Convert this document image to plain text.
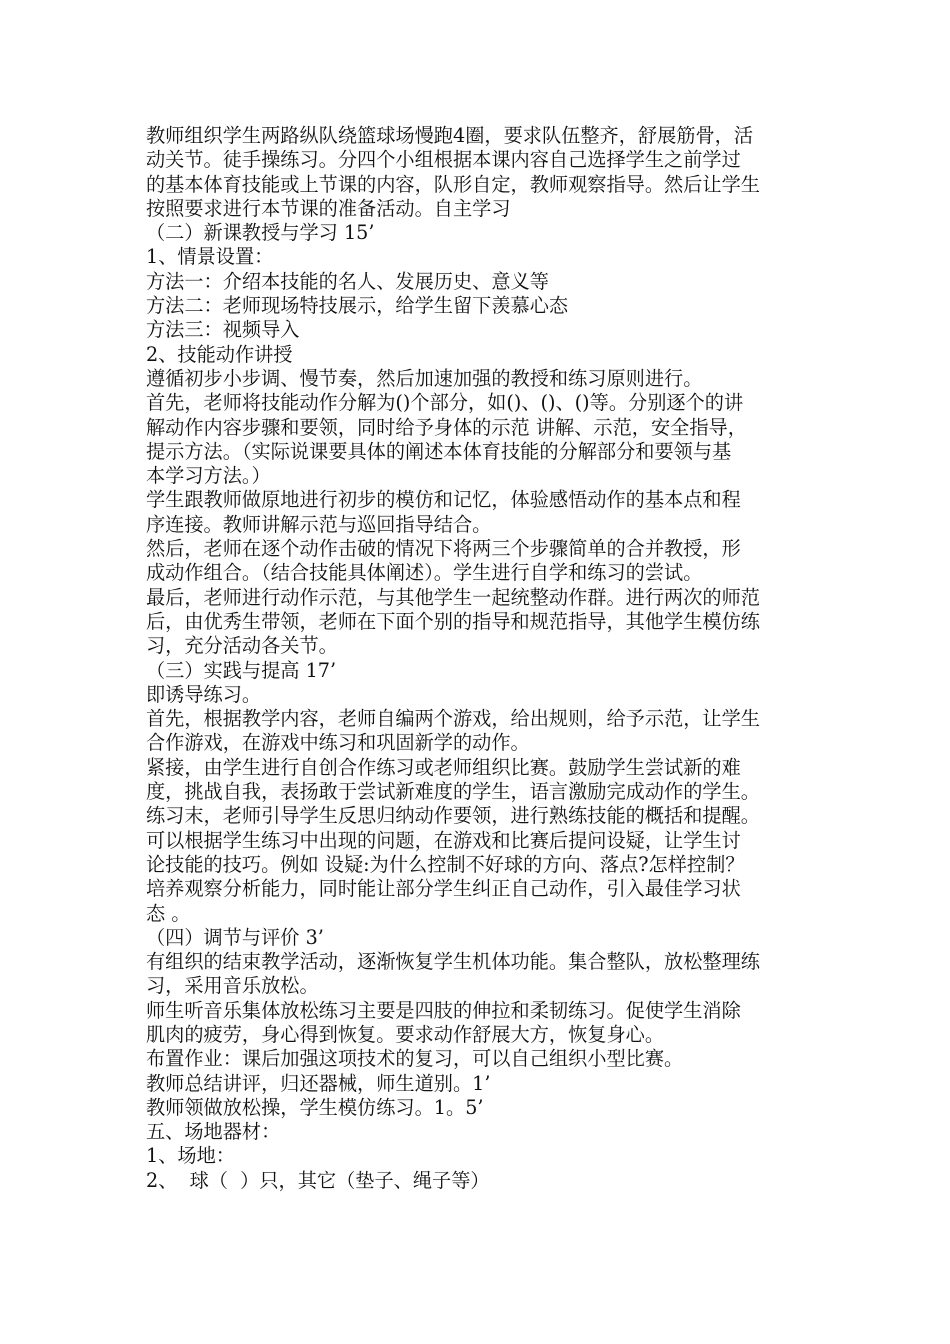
教师组织学生两路纵队绕篮球场慢跑4圈，要求队伍整齐，舒展筋骨，活
动关节。徒手操练习。分四个小组根据本课内容自己选择学生之前学过
的基本体育技能或上节课的内容，队形自定，教师观察指导。然后让学生
按照要求进行本节课的准备活动。自主学习
（二）新课教授与学习 15’
1、情景设置：
方法一：介绍本技能的名人、发展历史、意义等
方法二：老师现场特技展示，给学生留下羡慕心态
方法三：视频导入
2、技能动作讲授
遵循初步小步调、慢节奏，然后加速加强的教授和练习原则进行。
首先，老师将技能动作分解为()个部分，如()、()、()等。分别逐个的讲
解动作内容步骤和要领，同时给予身体的示范 讲解、示范，安全指导，
提示方法。（实际说课要具体的阐述本体育技能的分解部分和要领与基
本学习方法。）
学生跟教师做原地进行初步的模仿和记忆，体验感悟动作的基本点和程
序连接。教师讲解示范与巡回指导结合。
然后，老师在逐个动作击破的情况下将两三个步骤简单的合并教授，形
成动作组合。（结合技能具体阐述）。学生进行自学和练习的尝试。
最后，老师进行动作示范，与其他学生一起统整动作群。进行两次的师范
后，由优秀生带领，老师在下面个别的指导和规范指导，其他学生模仿练
习，充分活动各关节。
（三）实践与提高 17’
即诱导练习。
首先，根据教学内容，老师自编两个游戏，给出规则，给予示范，让学生
合作游戏，在游戏中练习和巩固新学的动作。
紧接，由学生进行自创合作练习或老师组织比赛。鼓励学生尝试新的难
度，挑战自我，表扬敢于尝试新难度的学生，语言激励完成动作的学生。
练习末，老师引导学生反思归纳动作要领，进行熟练技能的概括和提醒。
可以根据学生练习中出现的问题，在游戏和比赛后提问设疑，让学生讨
论技能的技巧。例如 设疑:为什么控制不好球的方向、落点?怎样控制？
培养观察分析能力，同时能让部分学生纠正自己动作，引入最佳学习状
态 。
（四）调节与评价 3’
有组织的结束教学活动，逐渐恢复学生机体功能。集合整队，放松整理练
习，采用音乐放松。
师生听音乐集体放松练习主要是四肢的伸拉和柔韧练习。促使学生消除
肌肉的疲劳，身心得到恢复。要求动作舒展大方，恢复身心。
布置作业：课后加强这项技术的复习，可以自己组织小型比赛。
教师总结讲评，归还器械，师生道别。1’
教师领做放松操，学生模仿练习。1。5’
五、场地器材：
1、场地：
2、  球（  ）只，其它（垫子、绳子等）
